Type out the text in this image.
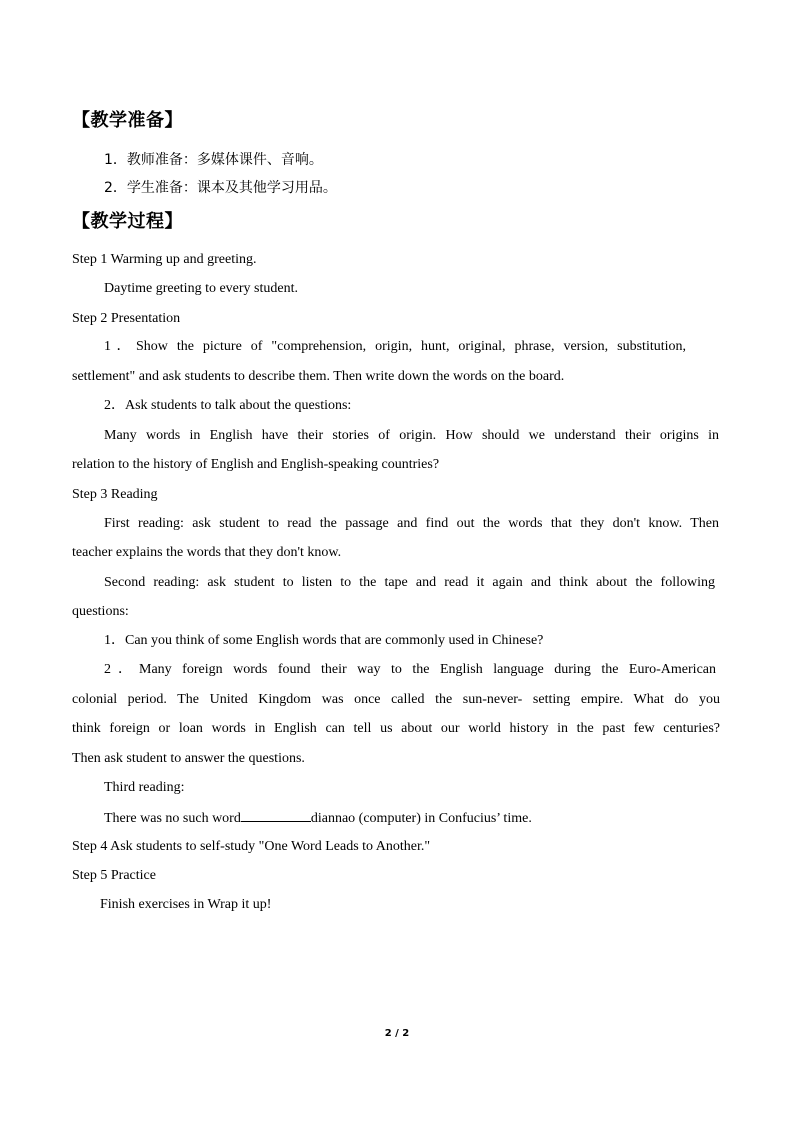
【教学准备】
1．教师准备：多媒体课件、音响。
2．学生准备：课本及其他学习用品。
【教学过程】
Step 1 Warming up and greeting.
Daytime greeting to every student.
Step 2 Presentation
1．Show the picture of "comprehension, origin, hunt, original, phrase, version, substitution,
settlement" and ask students to describe them. Then write down the words on the board.
2．Ask students to talk about the questions:
Many words in English have their stories of origin. How should we understand their origins in
relation to the history of English and English-speaking countries?
Step 3 Reading
First reading: ask student to read the passage and find out the words that they don't know. Then
teacher explains the words that they don't know.
Second reading: ask student to listen to the tape and read it again and think about the following
questions:
1．Can you think of some English words that are commonly used in Chinese?
2．Many foreign words found their way to the English language during the Euro-American
colonial period. The United Kingdom was once called the sun-never- setting empire. What do you
think foreign or loan words in English can tell us about our world history in the past few centuries?
Then ask student to answer the questions.
Third reading:
There was no such word	diannao (computer) in Confucius’ time.
Step 4 Ask students to self-study "One Word Leads to Another."
Step 5 Practice
Finish exercises in Wrap it up!
2 / 2
